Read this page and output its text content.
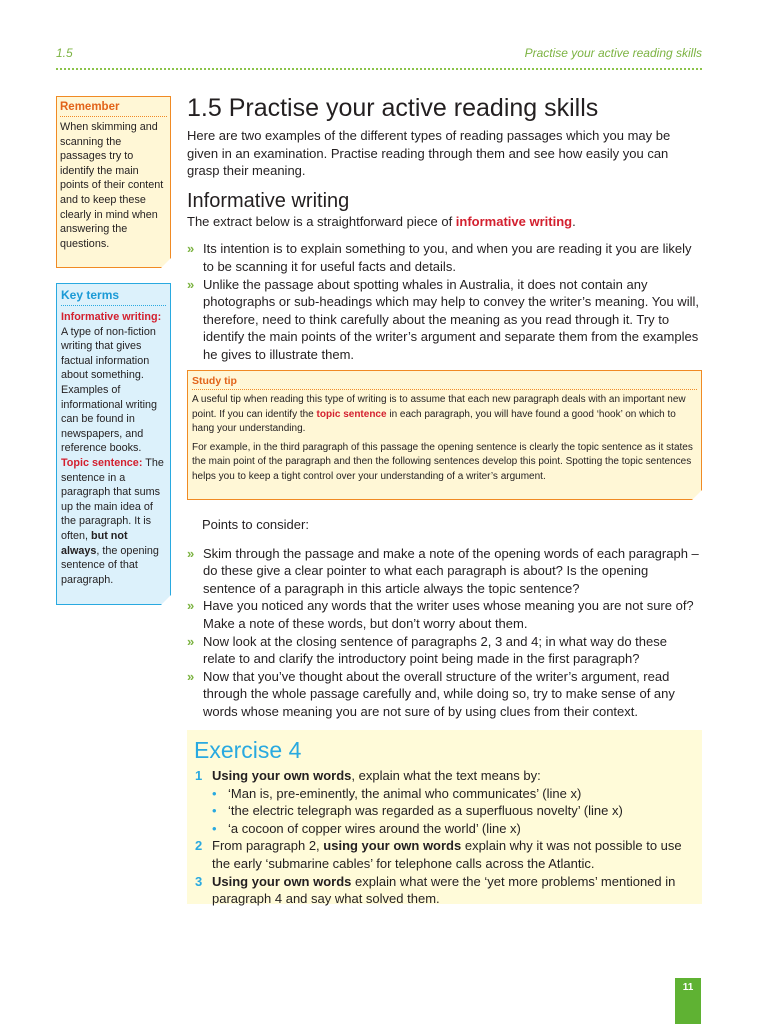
1.5	Practise your active reading skills
Remember
When skimming and scanning the passages try to identify the main points of their content and to keep these clearly in mind when answering the questions.
Key terms
Informative writing: A type of non-fiction writing that gives factual information about something. Examples of informational writing can be found in newspapers, and reference books. Topic sentence: The sentence in a paragraph that sums up the main idea of the paragraph. It is often, but not always, the opening sentence of that paragraph.
1.5 Practise your active reading skills

Here are two examples of the different types of reading passages which you may be given in an examination. Practise reading through them and see how easily you can grasp their meaning.

Informative writing

The extract below is a straightforward piece of informative writing.

» Its intention is to explain something to you, and when you are reading it you are likely to be scanning it for useful facts and details.
» Unlike the passage about spotting whales in Australia, it does not contain any photographs or sub-headings which may help to convey the writer’s meaning. You will, therefore, need to think carefully about the meaning as you read through it. Try to identify the main points of the writer’s argument and separate them from the examples he gives to illustrate them.
Study tip

A useful tip when reading this type of writing is to assume that each new paragraph deals with an important new point. If you can identify the topic sentence in each paragraph, you will have found a good ‘hook’ on which to hang your understanding.

For example, in the third paragraph of this passage the opening sentence is clearly the topic sentence as it states the main point of the paragraph and then the following sentences develop this point. Spotting the topic sentences helps you to keep a tight control over your understanding of a writer’s argument.

Points to consider:

» Skim through the passage and make a note of the opening words of each paragraph – do these give a clear pointer to what each paragraph is about? Is the opening sentence of a paragraph in this article always the topic sentence?
» Have you noticed any words that the writer uses whose meaning you are not sure of? Make a note of these words, but don’t worry about them.
» Now look at the closing sentence of paragraphs 2, 3 and 4; in what way do these relate to and clarify the introductory point being made in the first paragraph?
» Now that you’ve thought about the overall structure of the writer’s argument, read through the whole passage carefully and, while doing so, try to make sense of any words whose meaning you are not sure of by using clues from their context.
Exercise 4
1 Using your own words, explain what the text means by:
• ‘Man is, pre-eminently, the animal who communicates’ (line x)
• ‘the electric telegraph was regarded as a superfluous novelty’ (line x)
• ‘a cocoon of copper wires around the world’ (line x)
2 From paragraph 2, using your own words explain why it was not possible to use the early ‘submarine cables’ for telephone calls across the Atlantic.
3 Using your own words explain what were the ‘yet more problems’ mentioned in paragraph 4 and say what solved them.
11
